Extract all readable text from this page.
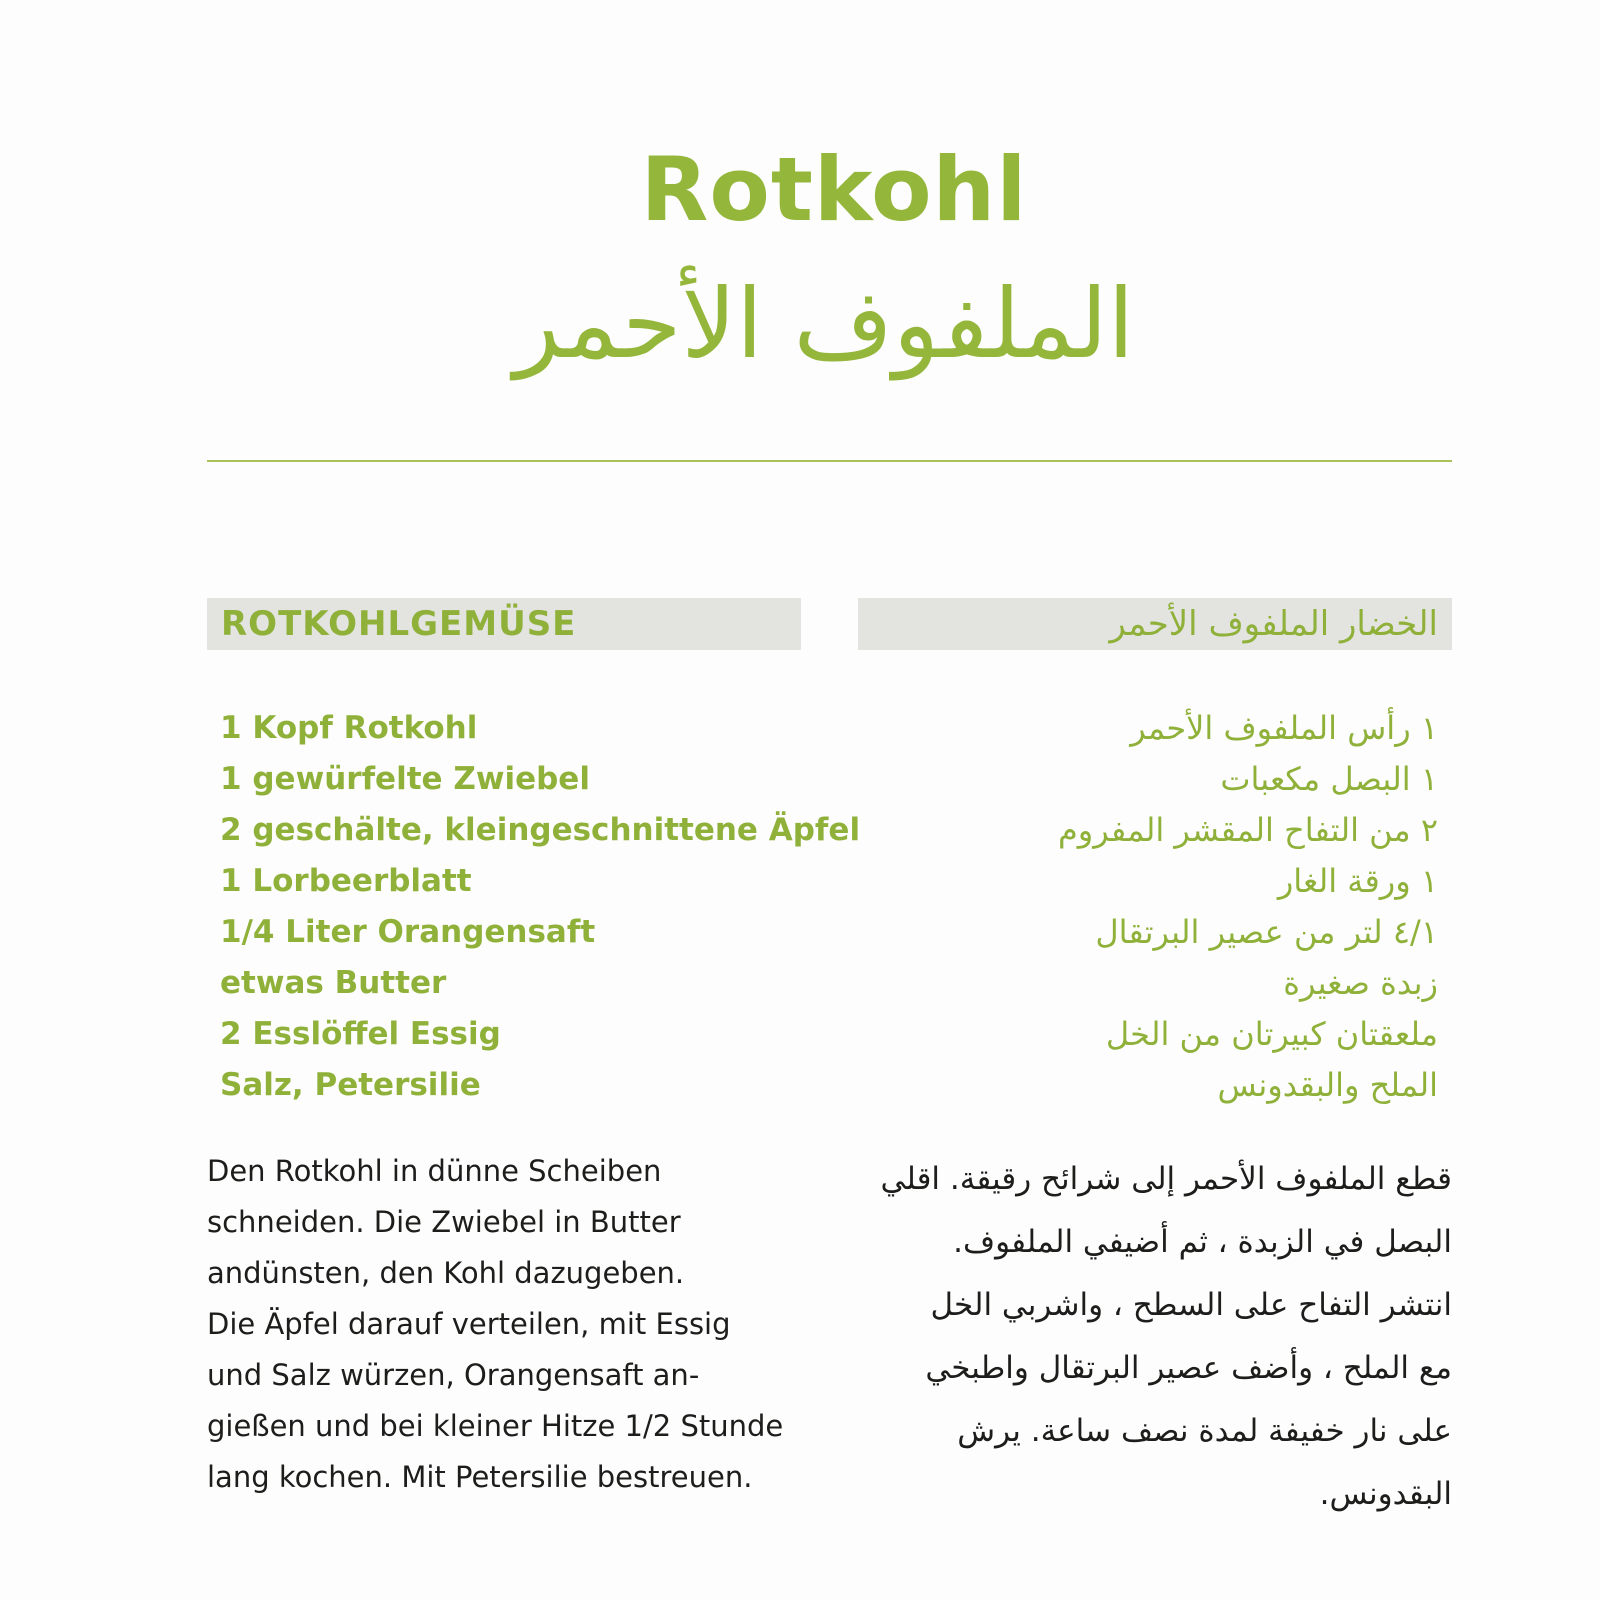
Rotkohl
الملفوف الأحمر
ROTKOHLGEMÜSE	الخضار الملفوف الأحمر
1 Kopf Rotkohl
1 gewürfelte Zwiebel
2 geschälte, kleingeschnittene Äpfel
1 Lorbeerblatt
1/4 Liter Orangensaft
etwas Butter
2 Esslöffel Essig
Salz, Petersilie
١ رأس الملفوف الأحمر
١ البصل مكعبات
٢ من التفاح المقشر المفروم
١ ورقة الغار
٤/١ لتر من عصير البرتقال
زبدة صغيرة
ملعقتان كبيرتان من الخل
الملح والبقدونس

Den Rotkohl in dünne Scheiben
schneiden. Die Zwiebel in Butter
andünsten, den Kohl dazugeben.
Die Äpfel darauf verteilen, mit Essig
und Salz würzen, Orangensaft an-
gießen und bei kleiner Hitze 1/2 Stunde
lang kochen. Mit Petersilie bestreuen.

قطع الملفوف الأحمر إلى شرائح رقيقة. اقلي
البصل في الزبدة ، ثم أضيفي الملفوف.
انتشر التفاح على السطح ، واشربي الخل
مع الملح ، وأضف عصير البرتقال واطبخي
على نار خفيفة لمدة نصف ساعة. يرش
البقدونس.
